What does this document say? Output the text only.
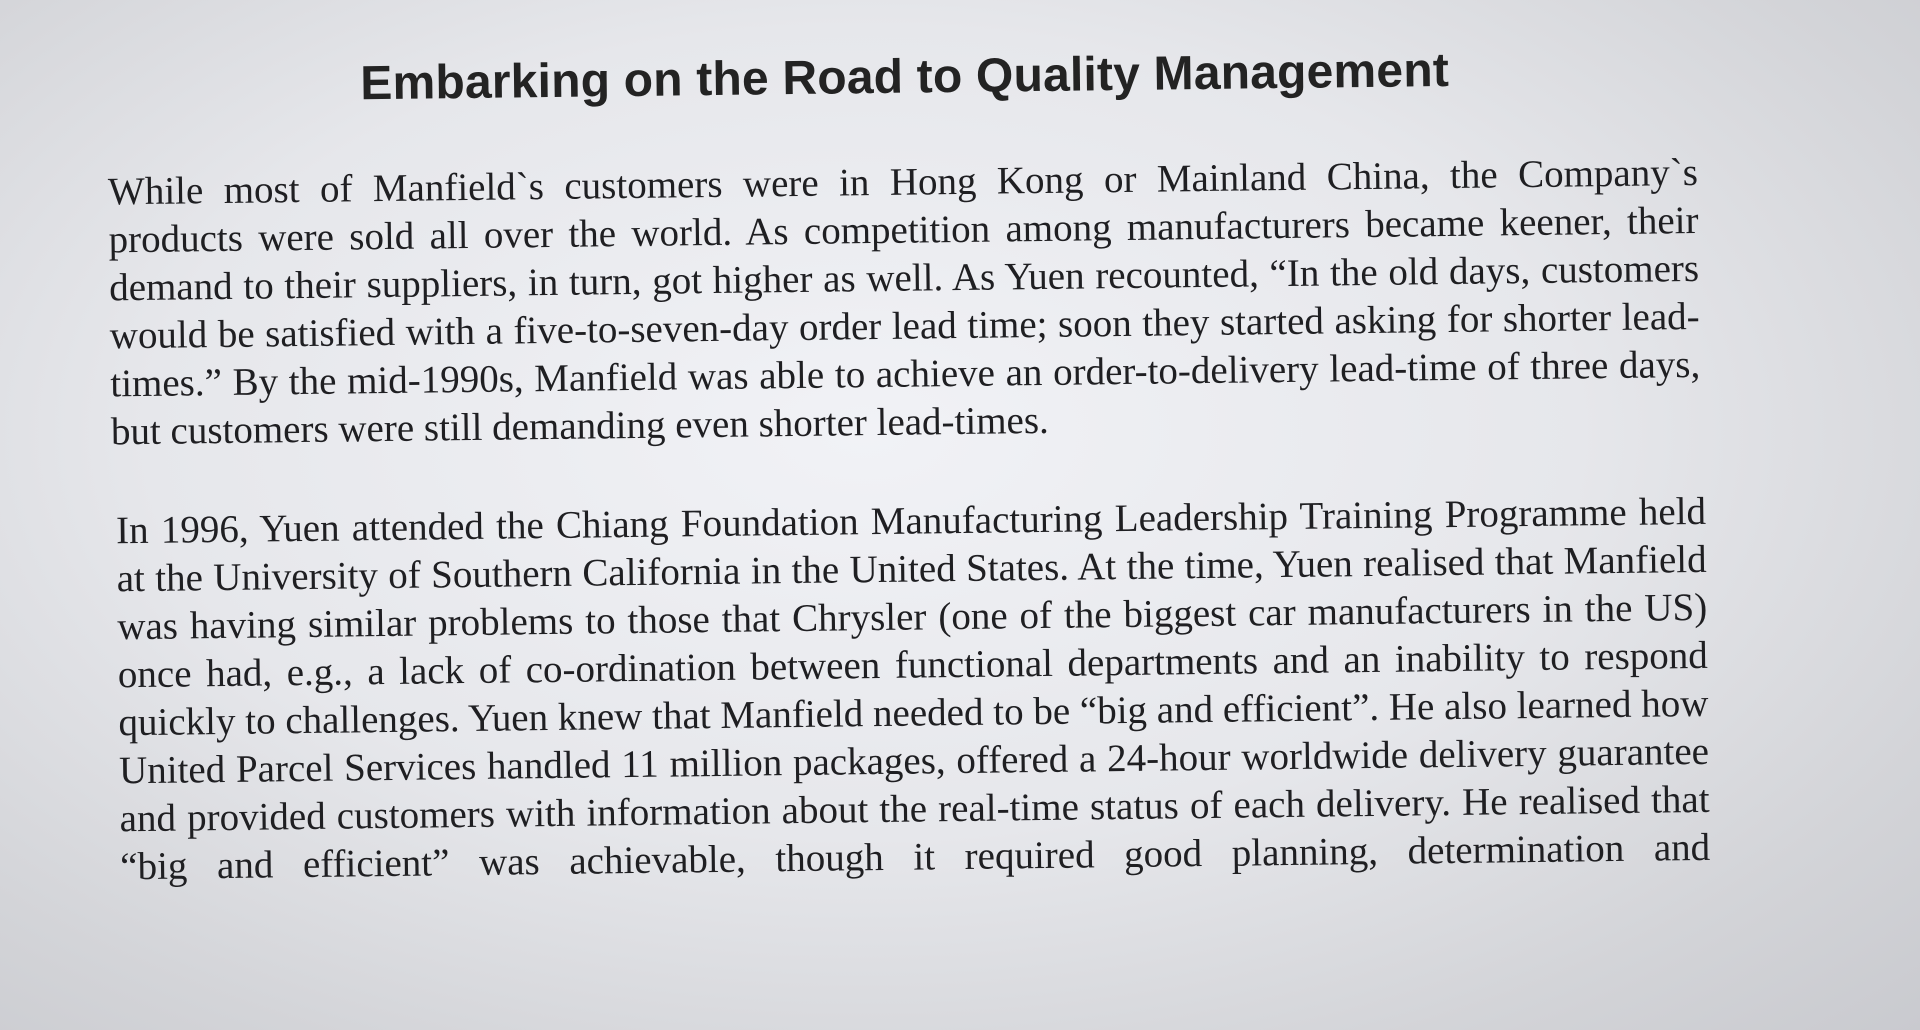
Embarking on the Road to Quality Management

While most of Manfield`s customers were in Hong Kong or Mainland China, the Company`s products were sold all over the world. As competition among manufacturers became keener, their demand to their suppliers, in turn, got higher as well. As Yuen recounted, “In the old days, customers would be satisfied with a five-to-seven-day order lead time; soon they started asking for shorter lead-times.” By the mid-1990s, Manfield was able to achieve an order-to-delivery lead-time of three days, but customers were still demanding even shorter lead-times.

In 1996, Yuen attended the Chiang Foundation Manufacturing Leadership Training Programme held at the University of Southern California in the United States. At the time, Yuen realised that Manfield was having similar problems to those that Chrysler (one of the biggest car manufacturers in the US) once had, e.g., a lack of co-ordination between functional departments and an inability to respond quickly to challenges. Yuen knew that Manfield needed to be “big and efficient”. He also learned how United Parcel Services handled 11 million packages, offered a 24-hour worldwide delivery guarantee and provided customers with information about the real-time status of each delivery. He realised that “big and efficient” was achievable, though it required good planning, determination and
